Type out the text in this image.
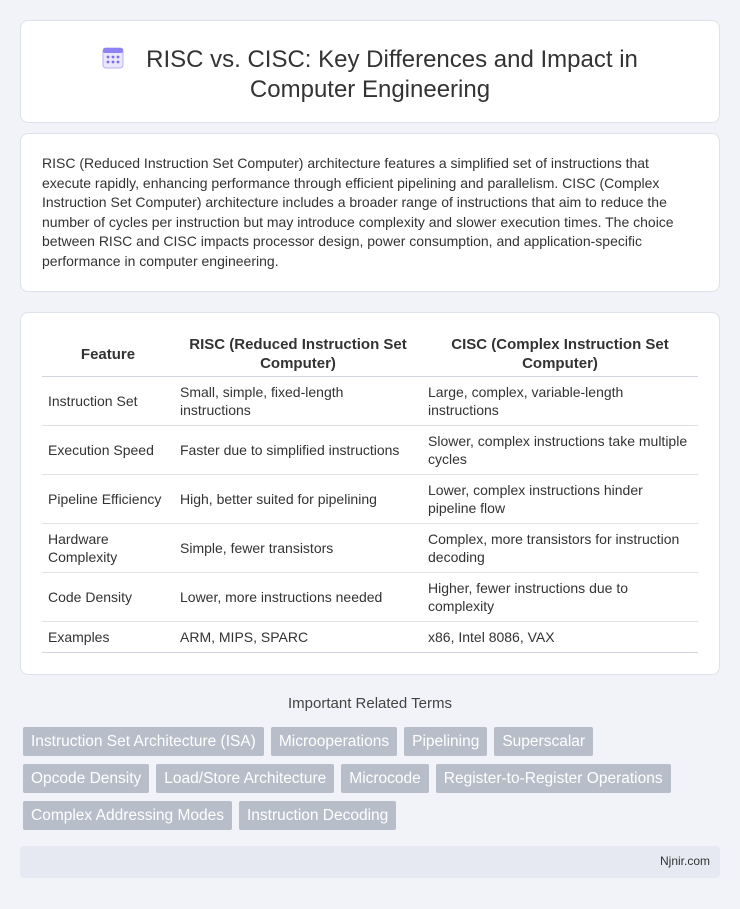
RISC vs. CISC: Key Differences and Impact in Computer Engineering

RISC (Reduced Instruction Set Computer) architecture features a simplified set of instructions that execute rapidly, enhancing performance through efficient pipelining and parallelism. CISC (Complex Instruction Set Computer) architecture includes a broader range of instructions that aim to reduce the number of cycles per instruction but may introduce complexity and slower execution times. The choice between RISC and CISC impacts processor design, power consumption, and application-specific performance in computer engineering.

Feature	RISC (Reduced Instruction Set Computer)	CISC (Complex Instruction Set Computer)
Instruction Set	Small, simple, fixed-length instructions	Large, complex, variable-length instructions
Execution Speed	Faster due to simplified instructions	Slower, complex instructions take multiple cycles
Pipeline Efficiency	High, better suited for pipelining	Lower, complex instructions hinder pipeline flow
Hardware Complexity	Simple, fewer transistors	Complex, more transistors for instruction decoding
Code Density	Lower, more instructions needed	Higher, fewer instructions due to complexity
Examples	ARM, MIPS, SPARC	x86, Intel 8086, VAX
Important Related Terms
Instruction Set Architecture (ISA)	Microoperations	Pipelining	Superscalar
Opcode Density	Load/Store Architecture	Microcode	Register-to-Register Operations
Complex Addressing Modes	Instruction Decoding
Njnir.com
